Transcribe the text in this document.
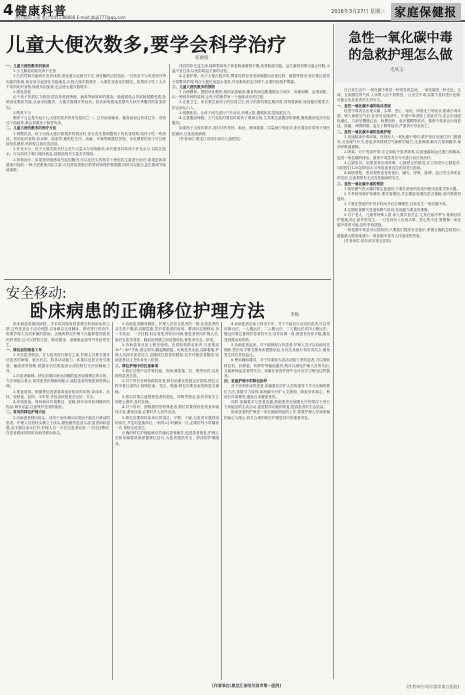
4 健康科普
责任编辑:王丽 电话:0451-86666 E-mail:jtbjk777@qq.com
2016年3月27日 星期三 家庭保健报
儿童大便次数多,要学会科学治疗
张丽娟

一、儿童大便次数多的原因

1.小儿肠道功能发育不完善

小儿的胃肠功能尚未发育成熟,消化液分泌相对不足,消化酶的活性较低,一旦饮食不当或受到外界因素的影响,就容易引起消化功能紊乱,出现大便次数增多、大便性状改变的情况。如果孩子吃了太多不易消化的食物,肠道负担加重,也会使大便次数增多。

2.感染因素

由于孩子的抵抗力较弱,很容易受到细菌、病毒等病原体的感染。肠道感染会导致肠黏膜受损,影响消化吸收功能,从而出现腹泻、大便次数增多等症状。轮状病毒感染是婴幼儿秋冬季腹泻的常见原因。

3.喂养不当

喂养不当也是引起小儿大便次数多的常见原因之一。过早添加辅食、辅食添加过快或过多、食物过于油腻等,都会加重孩子肠胃负担。

二、儿童大便次数多的治疗方法

1.调整饮食。孩子出现大便次数增多的情况时,家长首先要调整孩子的饮食结构,给孩子吃一些清淡、易消化的食物,如米粥、面条等,避免吃生冷、油腻、辛辣等刺激性食物。母乳喂养的孩子可以继续母乳喂养,妈妈要注意饮食清淡。

2.补充水分。孩子大便次数多时会丢失大量水分和电解质,家长要及时给孩子补充水分,以防止脱水。可以给孩子喝口服补液盐,按照说明书少量多次服用。

3.药物治疗。如果是细菌感染引起的腹泻,可以在医生的指导下使用抗生素进行治疗;如果是病毒感染引起的,一般不需要使用抗生素,可以使用蒙脱石散等药物保护肠黏膜,同时可以配合益生菌调节肠道菌群。

适宜的补充益生菌,能够帮助孩子恢复肠道菌群平衡,改善肠道功能。益生菌制剂要用温水冲服,水温不宜过高,以免影响益生菌的活性。

4.注意护理。孩子大便次数多时,臀部皮肤容易受到刺激而出现红肿、破溃等情况,家长要注意孩子的臀部护理,每次大便后用温水清洗,并用柔软的毛巾擦干,必要时涂抹护臀霜。

三、儿童大便次数多的预防

1.合理喂养。提倡母乳喂养,按时添加辅食,辅食的添加要遵循由少到多、由稀到稠、由细到粗、由一种到多种的原则,让孩子的肠胃有一个逐渐适应的过程。

2.注意卫生。家长要注意孩子的饮食卫生,孩子的餐具要定期消毒,食物要新鲜,饭前便后要洗手,防止病从口入。

3.增强体质。让孩子适当进行户外活动,多晒太阳,增强体质,提高抵抗力。

4.注意腹部保暖。天气变化时要及时给孩子增减衣物,尤其要注意腹部的保暖,避免腹部受凉引起腹泻。

如果孩子大便次数多,同时伴有发热、呕吐、精神萎靡、尿量减少等症状,家长要及时带孩子到医院就诊,以免延误病情。

(作者单位:黑龙江省哈尔滨市儿童医院)

急性一氧化碳中毒的急救护理怎么做
毛凤玉

在日常生活中,一氧化碳中毒是一种常见的急症。一氧化碳是一种无色、无味、无刺激性的气体,人体吸入后不易察觉,一旦发生中毒,如果不及时进行处理,可能会危及患者的生命安全。

一、急性一氧化碳中毒的临床表现

轻度中毒者会出现头痛、头晕、恶心、呕吐、四肢无力等症状,脱离中毒环境、吸入新鲜空气后,症状可迅速消失。中度中毒者除上述症状外,还会出现面色潮红、口唇呈樱桃红色、脉搏加快、意识模糊等症状。重度中毒者会出现昏迷、抽搐、呼吸困难、血压下降等症状,严重者可导致死亡。

二、急性一氧化碳中毒的急救护理

1.迅速脱离中毒环境。发现有人一氧化碳中毒时,救护者应迅速打开门窗通风,关闭煤气开关,将患者转移到空气新鲜的地方,注意保暖,解开衣领和腰带,保持呼吸道通畅。

2.吸氧。对于有条件的,应立即给予患者吸氧,以加速碳氧血红蛋白的解离,促进一氧化碳的排出。重度中毒患者应尽早进行高压氧治疗。

3.心肺复苏。如果患者出现呼吸、心跳停止的情况,应立即进行心肺复苏,同时拨打120急救电话,尽快将患者送往医院进行抢救。

4.病情观察。密切观察患者的意识、瞳孔、呼吸、脉搏、血压等生命体征的变化,注意观察有无迟发性脑病的发生。

三、急性一氧化碳中毒的预防

1.使用燃气热水器时要注意通风,不要在密闭的浴室内使用直排式热水器。

2.冬季使用煤炉取暖时,要安装烟囱,并定期检查烟囱是否通畅,室内要保持通风。

3.不要在密闭的车内长时间开启空调睡觉,以免发生一氧化碳中毒。

4.定期检查燃气管道和燃气用具,发现漏气要及时维修。

5.对于老人、儿童等特殊人群,家人要多加关注,尤其在寒冷季节,要做好防护措施,防止意外的发生。一旦发现有人出现头晕、恶心等不适,要警惕一氧化碳中毒的可能,及时采取措施。

一氧化碳中毒是可以预防的,只要我们提高安全意识,掌握正确的急救知识,就能最大限度地减少一氧化碳中毒对人体造成的伤害。

(作者单位:哈尔滨市第五医院)

安全移动:
卧床病患的正确移位护理方法	李梅

卧床病患是指因病情、手术或其他原因需要长时间卧床的人群,这些患者由于活动受限,自身难以完成翻身、移动等日常动作,需要护理人员或家属的帮助。正确的移位护理不仅能够提高患者的舒适度,还可以预防压疮、肺部感染、深静脉血栓等并发症的发生。

一、移位前的准备工作

1.评估患者情况。在为患者进行移位之前,护理人员要全面评估患者的病情、意识状态、肢体活动能力、体重以及是否有引流管、输液管等管路,根据评估结果选择合适的移位方法和辅助工具。

2.向患者解释。移位前要向意识清醒的患者说明移位的目的、方法和配合要点,取得患者的理解和配合,减轻患者的紧张和恐惧心理。

3.准备用物。根据移位的需要准备好相应的用物,如床单、软枕、转移板、轮椅、平车等,并检查用物是否完好、安全。

4.环境准备。保持病房环境整洁、宽敞,移开床旁妨碍操作的物品,调节室温,注意保护患者的隐私。

二、常用的移位护理方法

1.协助患者移向床头。适用于身体滑向床尾而不能自行移动的患者。护理人员将枕头横立于床头,避免碰伤患者头部,患者仰卧屈膝,双手握住床头栏杆,护理人员一手托住患者肩部,一手托住臀部,在患者蹬床的同时协助其移向床头。

2.协助患者翻身侧卧。护理人员站在患者的一侧,先将患者的双手放于腹部,双腿屈曲,然后将患者的肩部、臀部向近侧移动,再一手扶肩、一手扶膝,轻轻将患者转向对侧,使患者背向护理人员,最后在患者背部、胸前及两膝之间放置软枕,使患者安全、舒适。

3.协助患者从床上移至轮椅。先将轮椅推至床旁,与床尾成30°～45°夹角,固定刹车,翻起脚踏板。协助患者坐起,双脚着地,护理人员面对患者站立,双膝抵住患者的膝部,双手环抱患者腰部,协助患者站立并转身坐入轮椅。

三、移位护理中的注意事项

1.移位过程中动作要轻稳、协调,避免拖、拉、推等动作,以免擦伤患者皮肤。

2.对于带有各种管路的患者,移位前要妥善固定好管路,移位过程中要注意防止管路扭曲、受压、脱落,移位后要检查管路是否通畅。

3.移位时要注意观察患者的面色、呼吸等情况,如有异常应立即停止操作,及时处理。

4.对于骨折、颈椎损伤等特殊患者,移位时要保持患者身体轴线平直,避免扭曲,必要时多人协作完成。

5.移位后要保持床单位的清洁、平整、干燥,为患者安置舒适的体位,并定时更换体位,一般每2小时翻身一次,必要时每小时翻身一次,预防压疮发生。

正确的移位护理能够有效减轻患者痛苦,促进患者康复,护理人员和家属要熟练掌握移位技巧,为患者提供安全、舒适的护理服务。

4.协助患者由床上移至平车。对于不能自行活动的患者,可以采用挪动法、一人搬运法、二人搬运法、三人搬运法或四人搬运法。搬运时要注意保护患者的安全,动作协调一致,使患者身体平稳,避免受到震动和损伤。

5.协助患者起床。对于能够配合的患者,护理人员可以协助其先侧卧,然后用手臂支撑身体慢慢坐起,在床边坐稳片刻后再站立,避免发生体位性低血压。

6.使用辅助器具。对于体重较大或活动能力差的患者,可以借助移位机、转移板、转移带等辅助器具,既可以减轻护理人员的负担,又能够保证患者的安全。家属在家庭护理中也可以学习使用这些器具。

四、家庭护理中的移位指导

对于居家卧床的患者,家属要在医护人员的指导下学习正确的移位方法,掌握节力原则,如两脚分开扩大支撑面、降低身体重心、利用杠杆原理等,避免自身腰部受伤。

同时,家属要多与患者沟通,鼓励患者在病情允许的情况下进行力所能及的主动活动,促进肢体功能的恢复,提高患者的生活质量。

卧床患者的护理是一项长期而细致的工作,需要护理人员和家属的耐心与细心,科学合理的移位护理是其中的重要内容。

(作者单位:黑龙江省哈尔滨市第一医院)	(作者单位:哈尔滨市第五医院)
